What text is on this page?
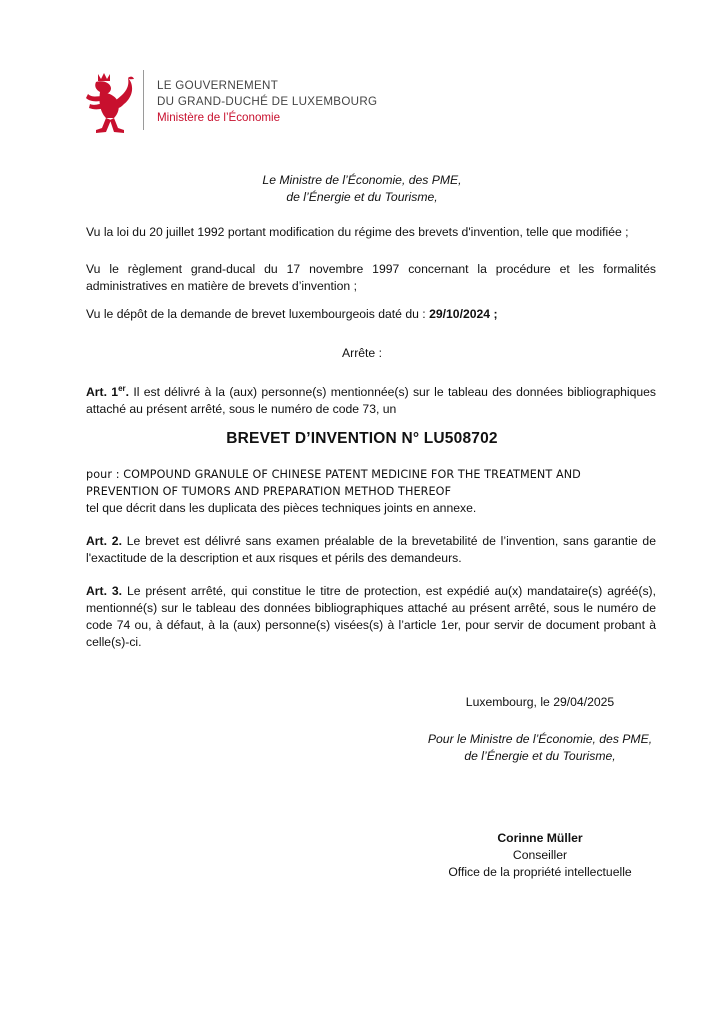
LE GOUVERNEMENT
DU GRAND-DUCHÉ DE LUXEMBOURG
Ministère de l’Économie
Le Ministre de l’Économie, des PME,
de l’Énergie et du Tourisme,
Vu la loi du 20 juillet 1992 portant modification du régime des brevets d'invention, telle que modifiée ;
Vu le règlement grand-ducal du 17 novembre 1997 concernant la procédure et les formalités administratives en matière de brevets d’invention ;
Vu le dépôt de la demande de brevet luxembourgeois daté du : 29/10/2024 ;
Arrête :
Art. 1er. Il est délivré à la (aux) personne(s) mentionnée(s) sur le tableau des données bibliographiques attaché au présent arrêté, sous le numéro de code 73, un
BREVET D’INVENTION N° LU508702
pour : COMPOUND GRANULE OF CHINESE PATENT MEDICINE FOR THE TREATMENT AND PREVENTION OF TUMORS AND PREPARATION METHOD THEREOF
tel que décrit dans les duplicata des pièces techniques joints en annexe.
Art. 2. Le brevet est délivré sans examen préalable de la brevetabilité de l’invention, sans garantie de l'exactitude de la description et aux risques et périls des demandeurs.
Art. 3. Le présent arrêté, qui constitue le titre de protection, est expédié au(x) mandataire(s) agréé(s), mentionné(s) sur le tableau des données bibliographiques attaché au présent arrêté, sous le numéro de code 74 ou, à défaut, à la (aux) personne(s) visées(s) à l’article 1er, pour servir de document probant à celle(s)-ci.
Luxembourg, le 29/04/2025
Pour le Ministre de l’Économie, des PME,
de l’Énergie et du Tourisme,
Corinne Müller
Conseiller
Office de la propriété intellectuelle
